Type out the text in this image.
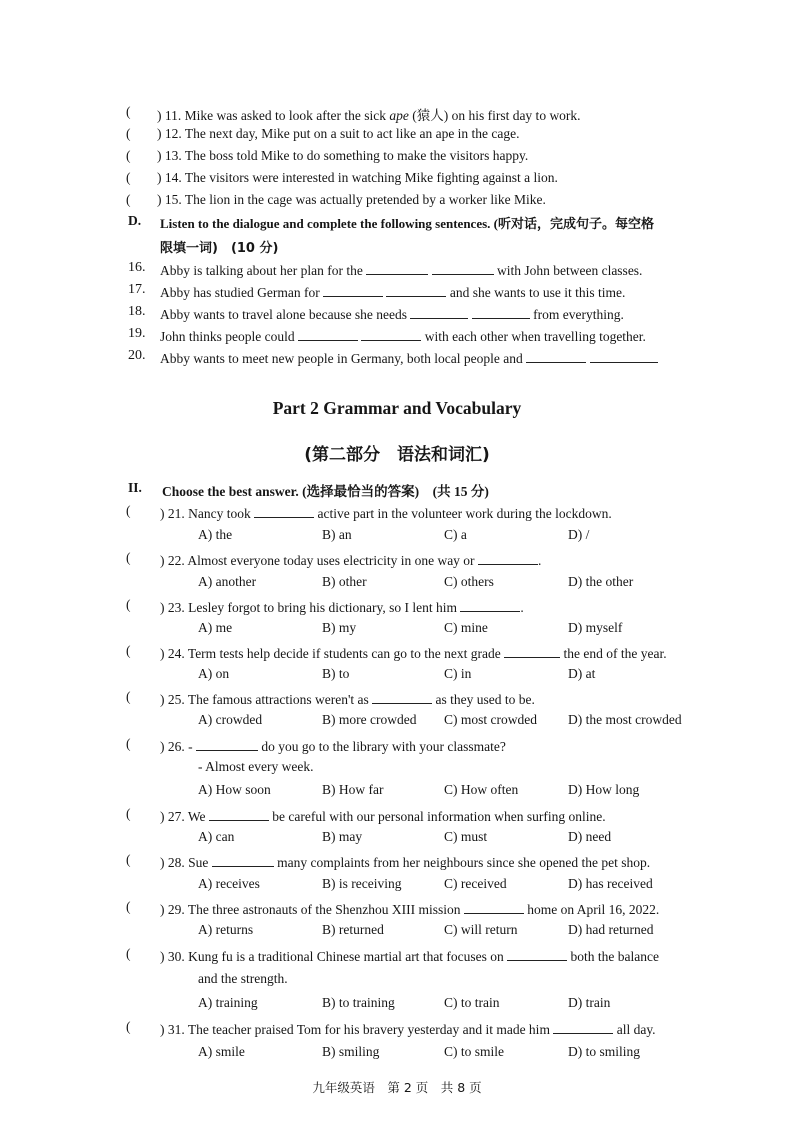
( ) 11. Mike was asked to look after the sick ape (猿人) on his first day to work.
( ) 12. The next day, Mike put on a suit to act like an ape in the cage.
( ) 13. The boss told Mike to do something to make the visitors happy.
( ) 14. The visitors were interested in watching Mike fighting against a lion.
( ) 15. The lion in the cage was actually pretended by a worker like Mike.
D. Listen to the dialogue and complete the following sentences. (听对话，完成句子。每空格
限填一词)　(10 分)
16. Abby is talking about her plan for the	with John between classes.
17. Abby has studied German for	and she wants to use it this time.
18. Abby wants to travel alone because she needs	from everything.
19. John thinks people could	with each other when travelling together.
20. Abby wants to meet new people in Germany, both local people and
Part 2 Grammar and Vocabulary
(第二部分　语法和词汇)
II. Choose the best answer. (选择最恰当的答案)　(共 15 分)
( ) 21. Nancy took	active part in the volunteer work during the lockdown.
A) the	B) an	C) a	D) /
( ) 22. Almost everyone today uses electricity in one way or	.
A) another	B) other	C) others	D) the other
( ) 23. Lesley forgot to bring his dictionary, so I lent him	.
A) me	B) my	C) mine	D) myself
( ) 24. Term tests help decide if students can go to the next grade	the end of the year.
A) on	B) to	C) in	D) at
( ) 25. The famous attractions weren't as	as they used to be.
A) crowded	B) more crowded C) most crowded D) the most crowded
( ) 26. -	do you go to the library with your classmate?
- Almost every week.
A) How soon	B) How far	C) How often	D) How long
( ) 27. We	be careful with our personal information when surfing online.
A) can	B) may	C) must	D) need
( ) 28. Sue	many complaints from her neighbours since she opened the pet shop.
A) receives	B) is receiving	C) received	D) has received
( ) 29. The three astronauts of the Shenzhou XIII mission	home on April 16, 2022.
A) returns	B) returned	C) will return	D) had returned
( ) 30. Kung fu is a traditional Chinese martial art that focuses on	both the balance
and the strength.
A) training	B) to training	C) to train	D) train
( ) 31. The teacher praised Tom for his bravery yesterday and it made him	all day.
A) smile	B) smiling	C) to smile	D) to smiling
九年级英语　第 2 页　共 8 页
